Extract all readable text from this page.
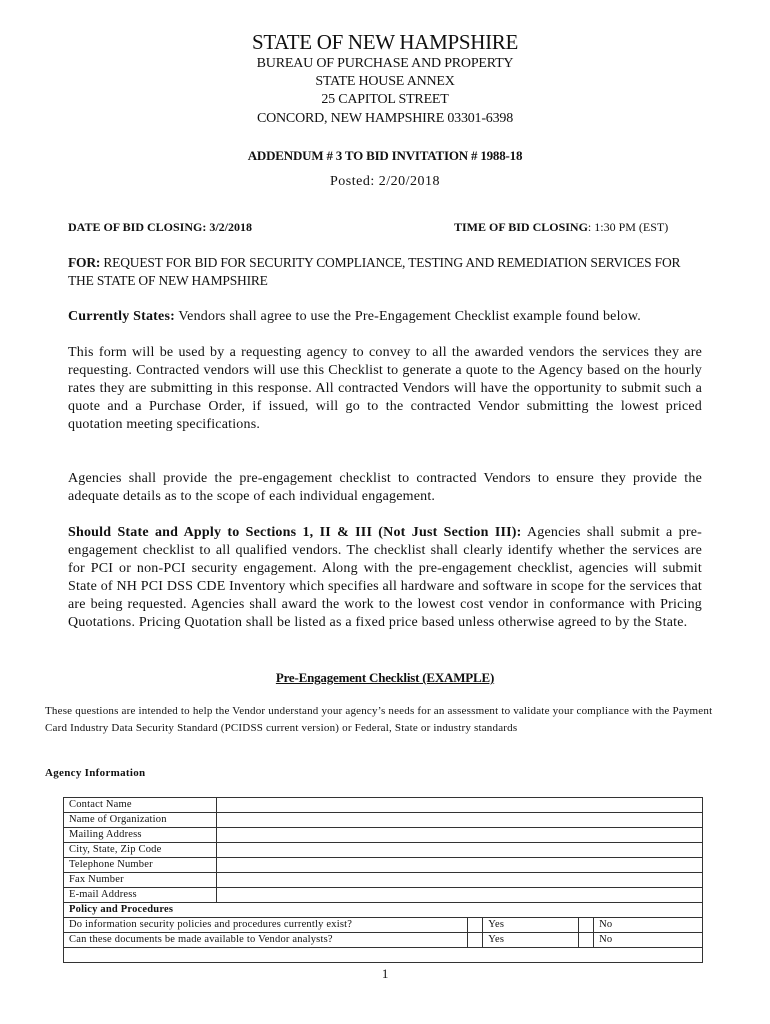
STATE OF NEW HAMPSHIRE
BUREAU OF PURCHASE AND PROPERTY
STATE HOUSE ANNEX
25 CAPITOL STREET
CONCORD, NEW HAMPSHIRE 03301-6398
ADDENDUM # 3 TO BID INVITATION # 1988-18
Posted: 2/20/2018
DATE OF BID CLOSING: 3/2/2018	TIME OF BID CLOSING: 1:30 PM (EST)
FOR: REQUEST FOR BID FOR SECURITY COMPLIANCE, TESTING AND REMEDIATION SERVICES FOR THE STATE OF NEW HAMPSHIRE
Currently States: Vendors shall agree to use the Pre-Engagement Checklist example found below.
This form will be used by a requesting agency to convey to all the awarded vendors the services they are requesting. Contracted vendors will use this Checklist to generate a quote to the Agency based on the hourly rates they are submitting in this response. All contracted Vendors will have the opportunity to submit such a quote and a Purchase Order, if issued, will go to the contracted Vendor submitting the lowest priced quotation meeting specifications.
Agencies shall provide the pre-engagement checklist to contracted Vendors to ensure they provide the adequate details as to the scope of each individual engagement.
Should State and Apply to Sections 1, II & III (Not Just Section III): Agencies shall submit a pre-engagement checklist to all qualified vendors. The checklist shall clearly identify whether the services are for PCI or non-PCI security engagement. Along with the pre-engagement checklist, agencies will submit State of NH PCI DSS CDE Inventory which specifies all hardware and software in scope for the services that are being requested. Agencies shall award the work to the lowest cost vendor in conformance with Pricing Quotations. Pricing Quotation shall be listed as a fixed price based unless otherwise agreed to by the State.
Pre-Engagement Checklist (EXAMPLE)
These questions are intended to help the Vendor understand your agency’s needs for an assessment to validate your compliance with the Payment Card Industry Data Security Standard (PCIDSS current version) or Federal, State or industry standards
Agency Information
Contact Name					
Name of Organization					
Mailing Address					
City, State, Zip Code					
Telephone Number					
Fax Number					
E-mail Address					
Policy and Procedures					
Do information security policies and procedures currently exist?			Yes		No
Can these documents be made available to Vendor analysts?			Yes		No

1
